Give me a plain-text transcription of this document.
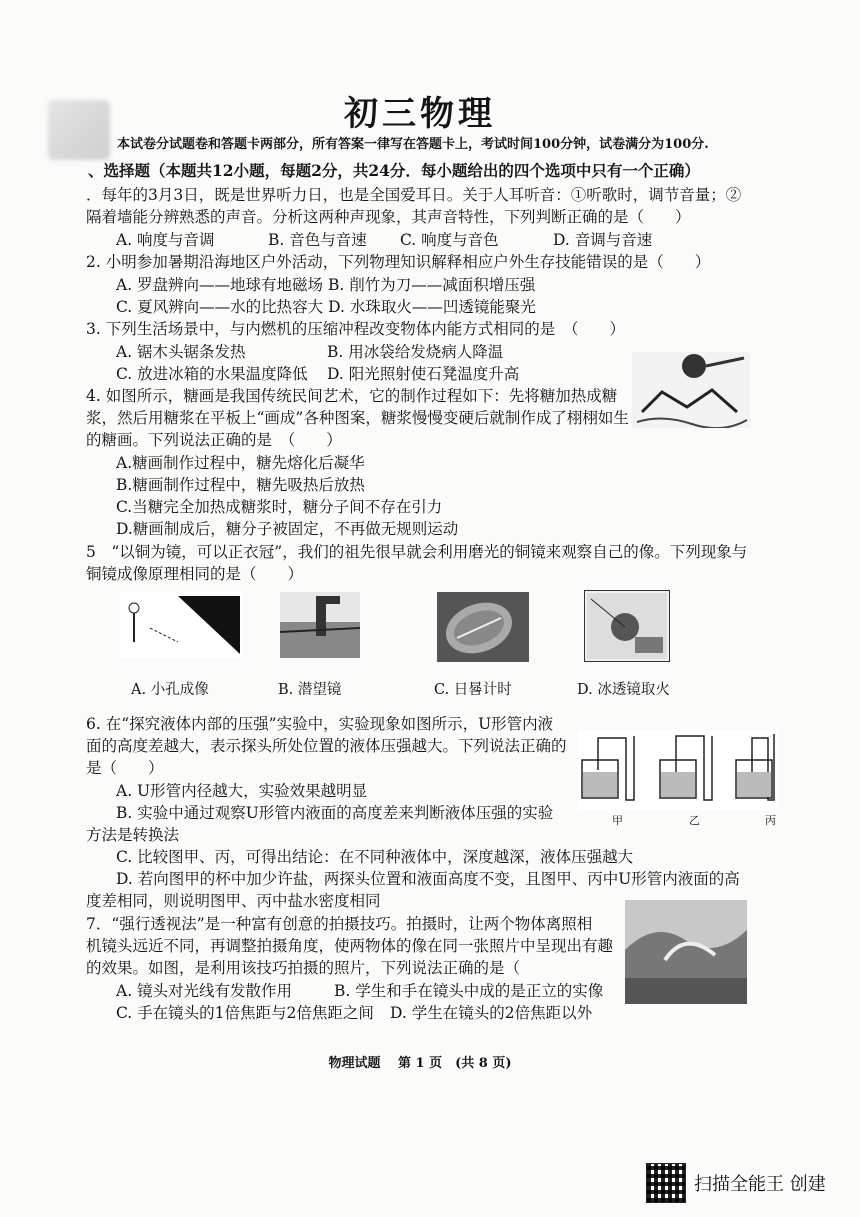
初三物理
本试卷分试题卷和答题卡两部分，所有答案一律写在答题卡上，考试时间100分钟，试卷满分为100分.
、选择题（本题共12小题，每题2分，共24分．每小题给出的四个选项中只有一个正确）
．每年的3月3日，既是世界听力日，也是全国爱耳日。关于人耳听音：①听歌时，调节音量；②
隔着墙能分辨熟悉的声音。分析这两种声现象，其声音特性，下列判断正确的是（　　）
A. 响度与音调	B. 音色与音速 C. 响度与音色	D. 音调与音速
2. 小明参加暑期沿海地区户外活动，下列物理知识解释相应户外生存技能错误的是（　　）
A. 罗盘辨向——地球有地磁场 B. 削竹为刀——减面积增压强
C. 夏风辨向——水的比热容大 D. 水珠取火——凹透镜能聚光
3. 下列生活场景中，与内燃机的压缩冲程改变物体内能方式相同的是　（　　）
A. 锯木头锯条发热	B. 用冰袋给发烧病人降温
C. 放进冰箱的水果温度降低 D. 阳光照射使石凳温度升高
4. 如图所示，糖画是我国传统民间艺术，它的制作过程如下：先将糖加热成糖
浆，然后用糖浆在平板上“画成”各种图案，糖浆慢慢变硬后就制作成了栩栩如生
的糖画。下列说法正确的是　（　　）
A.糖画制作过程中，糖先熔化后凝华
B.糖画制作过程中，糖先吸热后放热
C.当糖完全加热成糖浆时，糖分子间不存在引力
D.糖画制成后，糖分子被固定，不再做无规则运动
5　“以铜为镜，可以正衣冠”，我们的祖先很早就会利用磨光的铜镜来观察自己的像。下列现象与
铜镜成像原理相同的是（　　）
A. 小孔成像	B. 潜望镜	C. 日晷计时	D. 冰透镜取火
6. 在“探究液体内部的压强”实验中，实验现象如图所示，U形管内液
面的高度差越大，表示探头所处位置的液体压强越大。下列说法正确的
是（　　）
A. U形管内径越大，实验效果越明显
B. 实验中通过观察U形管内液面的高度差来判断液体压强的实验
方法是转换法
C. 比较图甲、丙，可得出结论：在不同种液体中，深度越深，液体压强越大
D. 若向图甲的杯中加少许盐，两探头位置和液面高度不变，且图甲、丙中U形管内液面的高
度差相同，则说明图甲、丙中盐水密度相同
甲	乙	丙
7．“强行透视法”是一种富有创意的拍摄技巧。拍摄时，让两个物体离照相
机镜头远近不同，再调整拍摄角度，使两物体的像在同一张照片中呈现出有趣
的效果。如图，是利用该技巧拍摄的照片，下列说法正确的是（
A. 镜头对光线有发散作用	B. 学生和手在镜头中成的是正立的实像
C. 手在镜头的1倍焦距与2倍焦距之间 D. 学生在镜头的2倍焦距以外
物理试题　 第 1 页　(共 8 页)
扫描全能王 创建
